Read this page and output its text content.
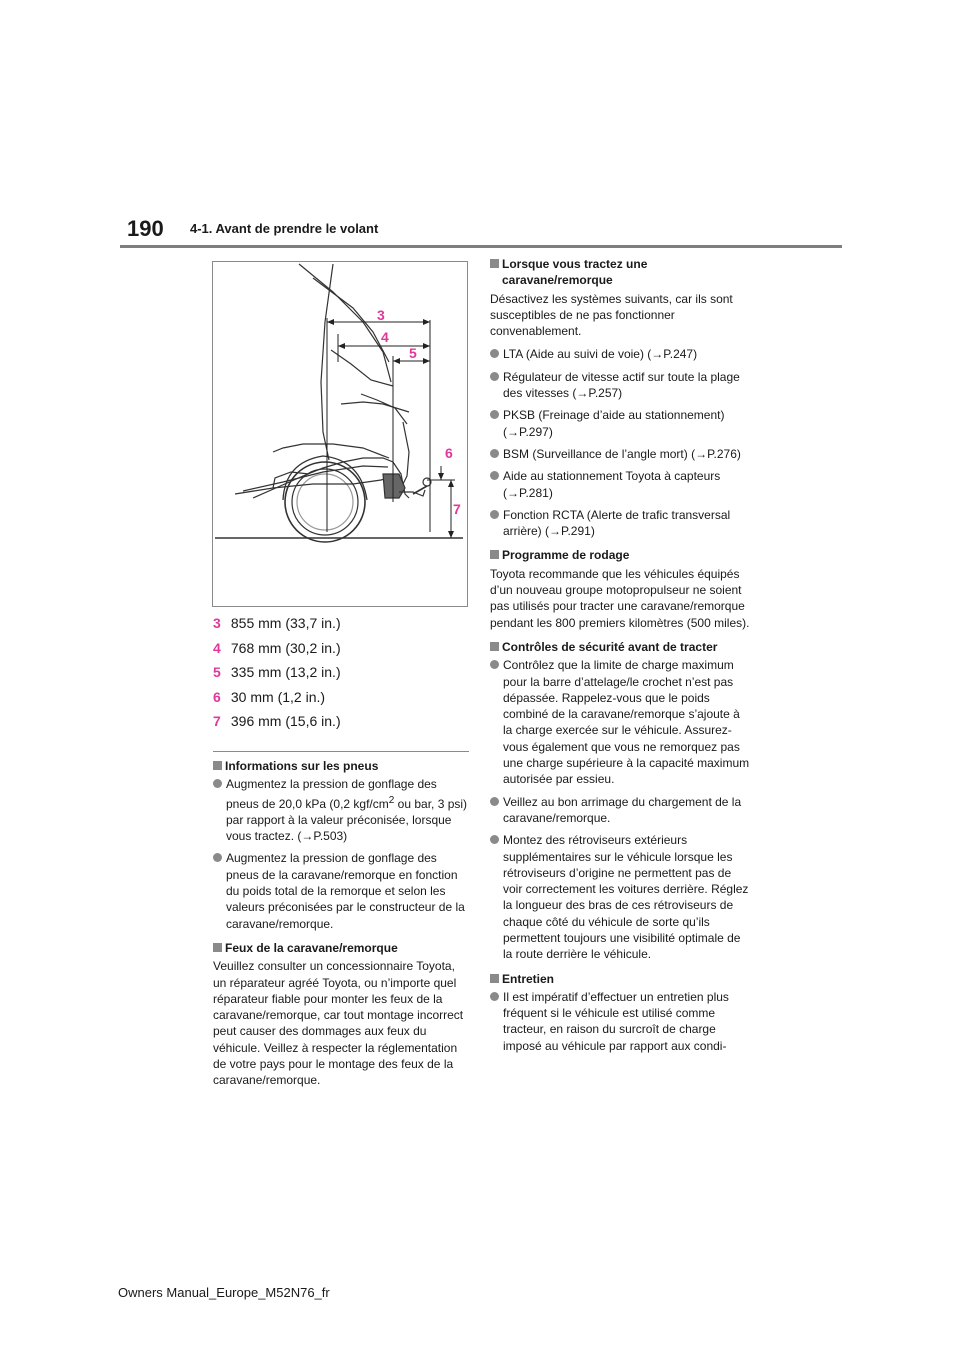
190 4-1. Avant de prendre le volant
3
4
5
6
7
3 855 mm (33,7 in.)
4 768 mm (30,2 in.)
5 335 mm (13,2 in.)
6 30 mm (1,2 in.)
7 396 mm (15,6 in.)
Informations sur les pneus
Augmentez la pression de gonflage des pneus de 20,0 kPa (0,2 kgf/$cm^2$ ou bar, 3 psi) par rapport à la valeur préconisée, lorsque vous tractez. (→P.503)
Augmentez la pression de gonflage des pneus de la caravane/remorque en fonction du poids total de la remorque et selon les valeurs préconisées par le constructeur de la caravane/remorque.
Feux de la caravane/remorque
Veuillez consulter un concessionnaire Toyota, un réparateur agréé Toyota, ou n’importe quel réparateur fiable pour monter les feux de la caravane/remorque, car tout montage incorrect peut causer des dommages aux feux du véhicule. Veillez à respecter la réglementation de votre pays pour le montage des feux de la caravane/remorque.
Lorsque vous tractez une caravane/remorque
Désactivez les systèmes suivants, car ils sont susceptibles de ne pas fonctionner convenablement.
LTA (Aide au suivi de voie) (→P.247)
Régulateur de vitesse actif sur toute la plage des vitesses (→P.257)
PKSB (Freinage d’aide au stationnement) (→P.297)
BSM (Surveillance de l’angle mort) (→P.276)
Aide au stationnement Toyota à capteurs (→P.281)
Fonction RCTA (Alerte de trafic transversal arrière) (→P.291)
Programme de rodage
Toyota recommande que les véhicules équipés d’un nouveau groupe motopropulseur ne soient pas utilisés pour tracter une caravane/remorque pendant les 800 premiers kilomètres (500 miles).
Contrôles de sécurité avant de tracter
Contrôlez que la limite de charge maximum pour la barre d’attelage/le crochet n’est pas dépassée. Rappelez-vous que le poids combiné de la caravane/remorque s’ajoute à la charge exercée sur le véhicule. Assurez-vous également que vous ne remorquez pas une charge supérieure à la capacité maximum autorisée par essieu.
Veillez au bon arrimage du chargement de la caravane/remorque.
Montez des rétroviseurs extérieurs supplémentaires sur le véhicule lorsque les rétroviseurs d’origine ne permettent pas de voir correctement les voitures derrière. Réglez la longueur des bras de ces rétroviseurs de chaque côté du véhicule de sorte qu’ils permettent toujours une visibilité optimale de la route derrière le véhicule.
Entretien
Il est impératif d’effectuer un entretien plus fréquent si le véhicule est utilisé comme tracteur, en raison du surcroît de charge imposé au véhicule par rapport aux condi-
Owners Manual_Europe_M52N76_fr
